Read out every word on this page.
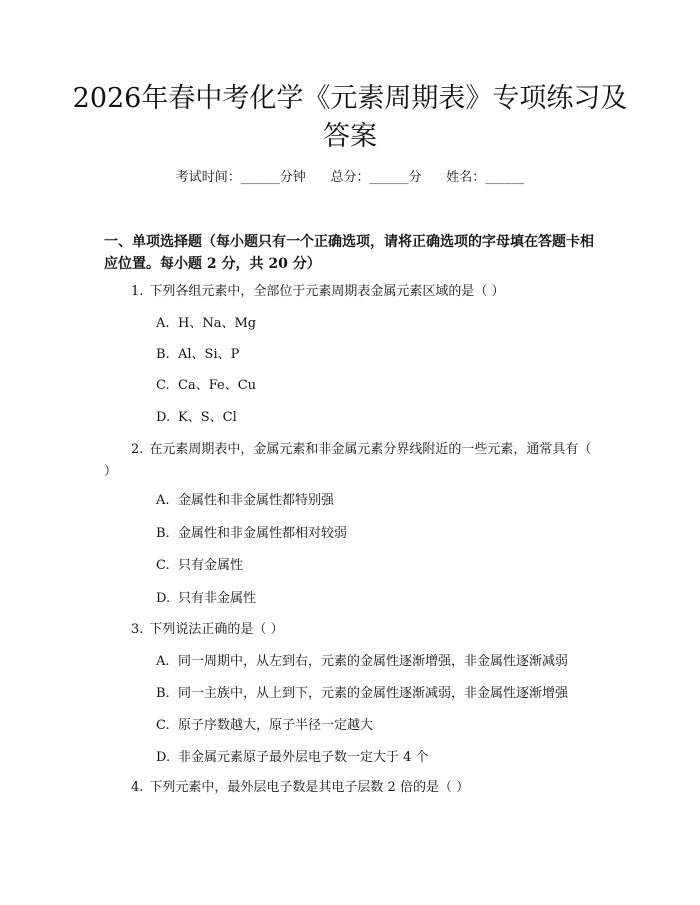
2026年春中考化学《元素周期表》专项练习及答案
考试时间：______分钟      总分：______分      姓名：______
一、单项选择题（每小题只有一个正确选项，请将正确选项的字母填在答题卡相应位置。每小题 2 分，共 20 分）
1. 下列各组元素中，全部位于元素周期表金属元素区域的是（ ）
A. H、Na、Mg
B. Al、Si、P
C. Ca、Fe、Cu
D. K、S、Cl
2. 在元素周期表中，金属元素和非金属元素分界线附近的一些元素，通常具有（ ）
A. 金属性和非金属性都特别强
B. 金属性和非金属性都相对较弱
C. 只有金属性
D. 只有非金属性
3. 下列说法正确的是（ ）
A. 同一周期中，从左到右，元素的金属性逐渐增强，非金属性逐渐减弱
B. 同一主族中，从上到下，元素的金属性逐渐减弱，非金属性逐渐增强
C. 原子序数越大，原子半径一定越大
D. 非金属元素原子最外层电子数一定大于 4 个
4. 下列元素中，最外层电子数是其电子层数 2 倍的是（ ）
